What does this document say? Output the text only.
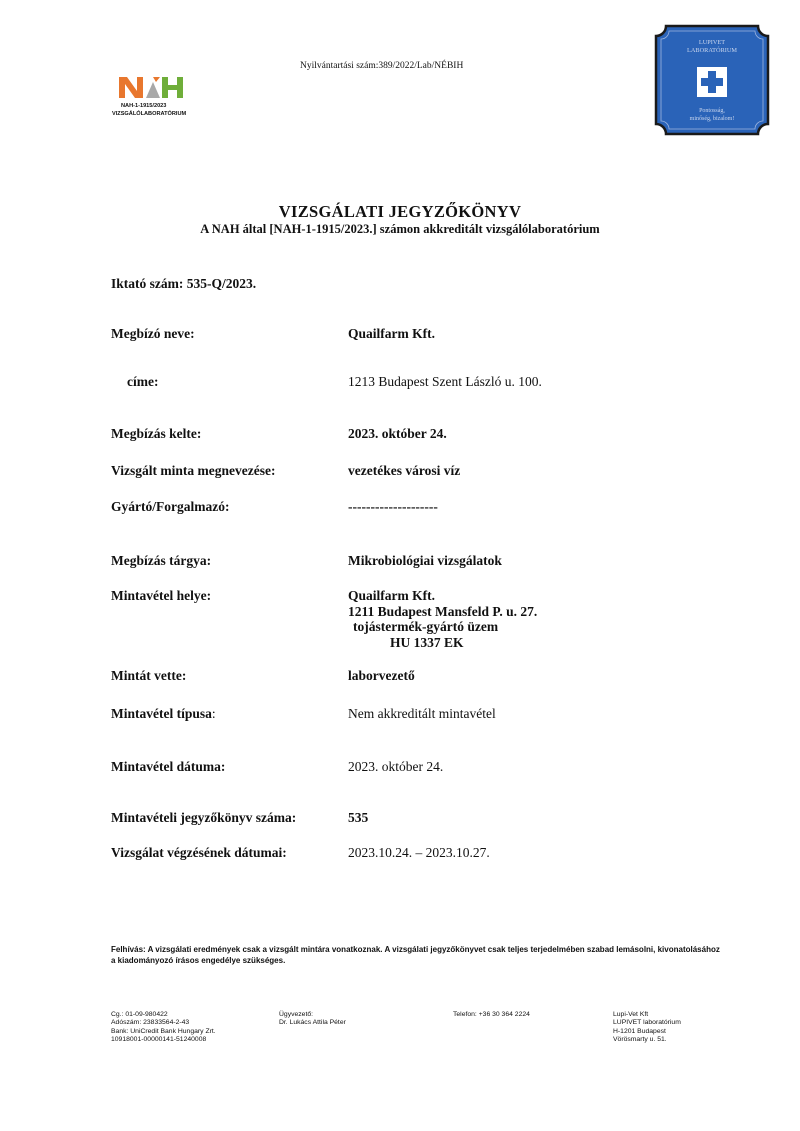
Nyilvántartási szám:389/2022/Lab/NÉBIH
NAH-1-1915/2023
VIZSGÁLÓLABORATÓRIUM
LUPIVET
LABORATÓRIUM
Pontosság,
minőség, bizalom!
VIZSGÁLATI JEGYZŐKÖNYV
A NAH által [NAH-1-1915/2023.] számon akkreditált vizsgálólaboratórium
Iktató szám: 535-Q/2023.
Megbízó neve:	Quailfarm Kft.
címe:	1213 Budapest Szent László u. 100.
Megbízás kelte:	2023. október 24.
Vizsgált minta megnevezése:	vezetékes városi víz
Gyártó/Forgalmazó:	--------------------
Megbízás tárgya:	Mikrobiológiai vizsgálatok
Mintavétel helye:	Quailfarm Kft.
1211 Budapest Mansfeld P. u. 27.
tojástermék-gyártó üzem
HU 1337 EK
Mintát vette:	laborvezető
Mintavétel típusa:	Nem akkreditált mintavétel
Mintavétel dátuma:	2023. október 24.
Mintavételi jegyzőkönyv száma:	535
Vizsgálat végzésének dátumai:	2023.10.24. – 2023.10.27.
Felhívás: A vizsgálati eredmények csak a vizsgált mintára vonatkoznak. A vizsgálati jegyzőkönyvet csak teljes terjedelmében szabad lemásolni, kivonatolásához a kiadományozó írásos engedélye szükséges.
Cg.: 01-09-980422
Adószám: 23833564-2-43
Bank: UniCredit Bank Hungary Zrt.
10918001-00000141-51240008
Ügyvezető:
Dr. Lukács Attila Péter
Telefon: +36 30 364 2224	Lupi-Vet Kft
LUPIVET laboratórium
H-1201 Budapest
Vörösmarty u. 51.
